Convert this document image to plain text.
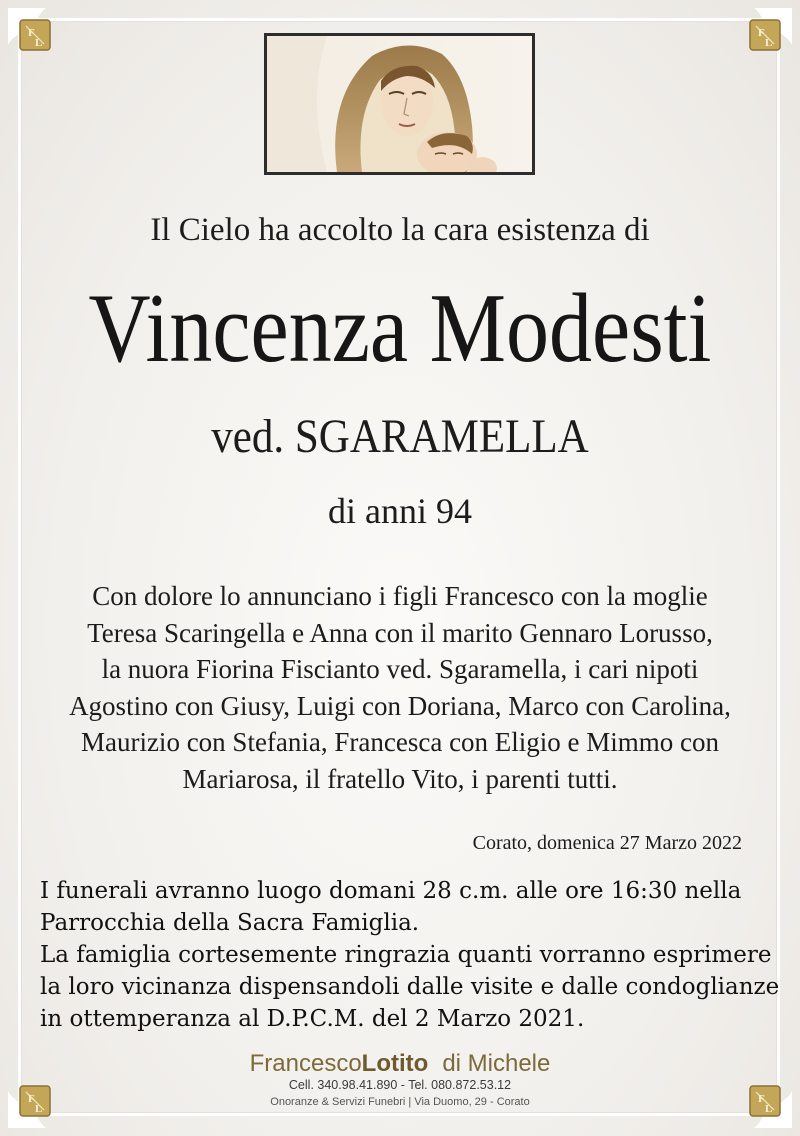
F
L
F
L
F
L
F
L
Il Cielo ha accolto la cara esistenza di
Vincenza Modesti
ved. SGARAMELLA
di anni 94
Con dolore lo annunciano i figli Francesco con la moglie
Teresa Scaringella e Anna con il marito Gennaro Lorusso,
la nuora Fiorina Fiscianto ved. Sgaramella, i cari nipoti
Agostino con Giusy, Luigi con Doriana, Marco con Carolina,
Maurizio con Stefania, Francesca con Eligio e Mimmo con
Mariarosa, il fratello Vito, i parenti tutti.
Corato, domenica 27 Marzo 2022
I funerali avranno luogo domani 28 c.m. alle ore 16:30 nella
Parrocchia della Sacra Famiglia.
La famiglia cortesemente ringrazia quanti vorranno esprimere
la loro vicinanza dispensandoli dalle visite e dalle condoglianze
in ottemperanza al D.P.C.M. del 2 Marzo 2021.
FrancescoLotito di Michele
Cell. 340.98.41.890 - Tel. 080.872.53.12
Onoranze & Servizi Funebri | Via Duomo, 29 - Corato
